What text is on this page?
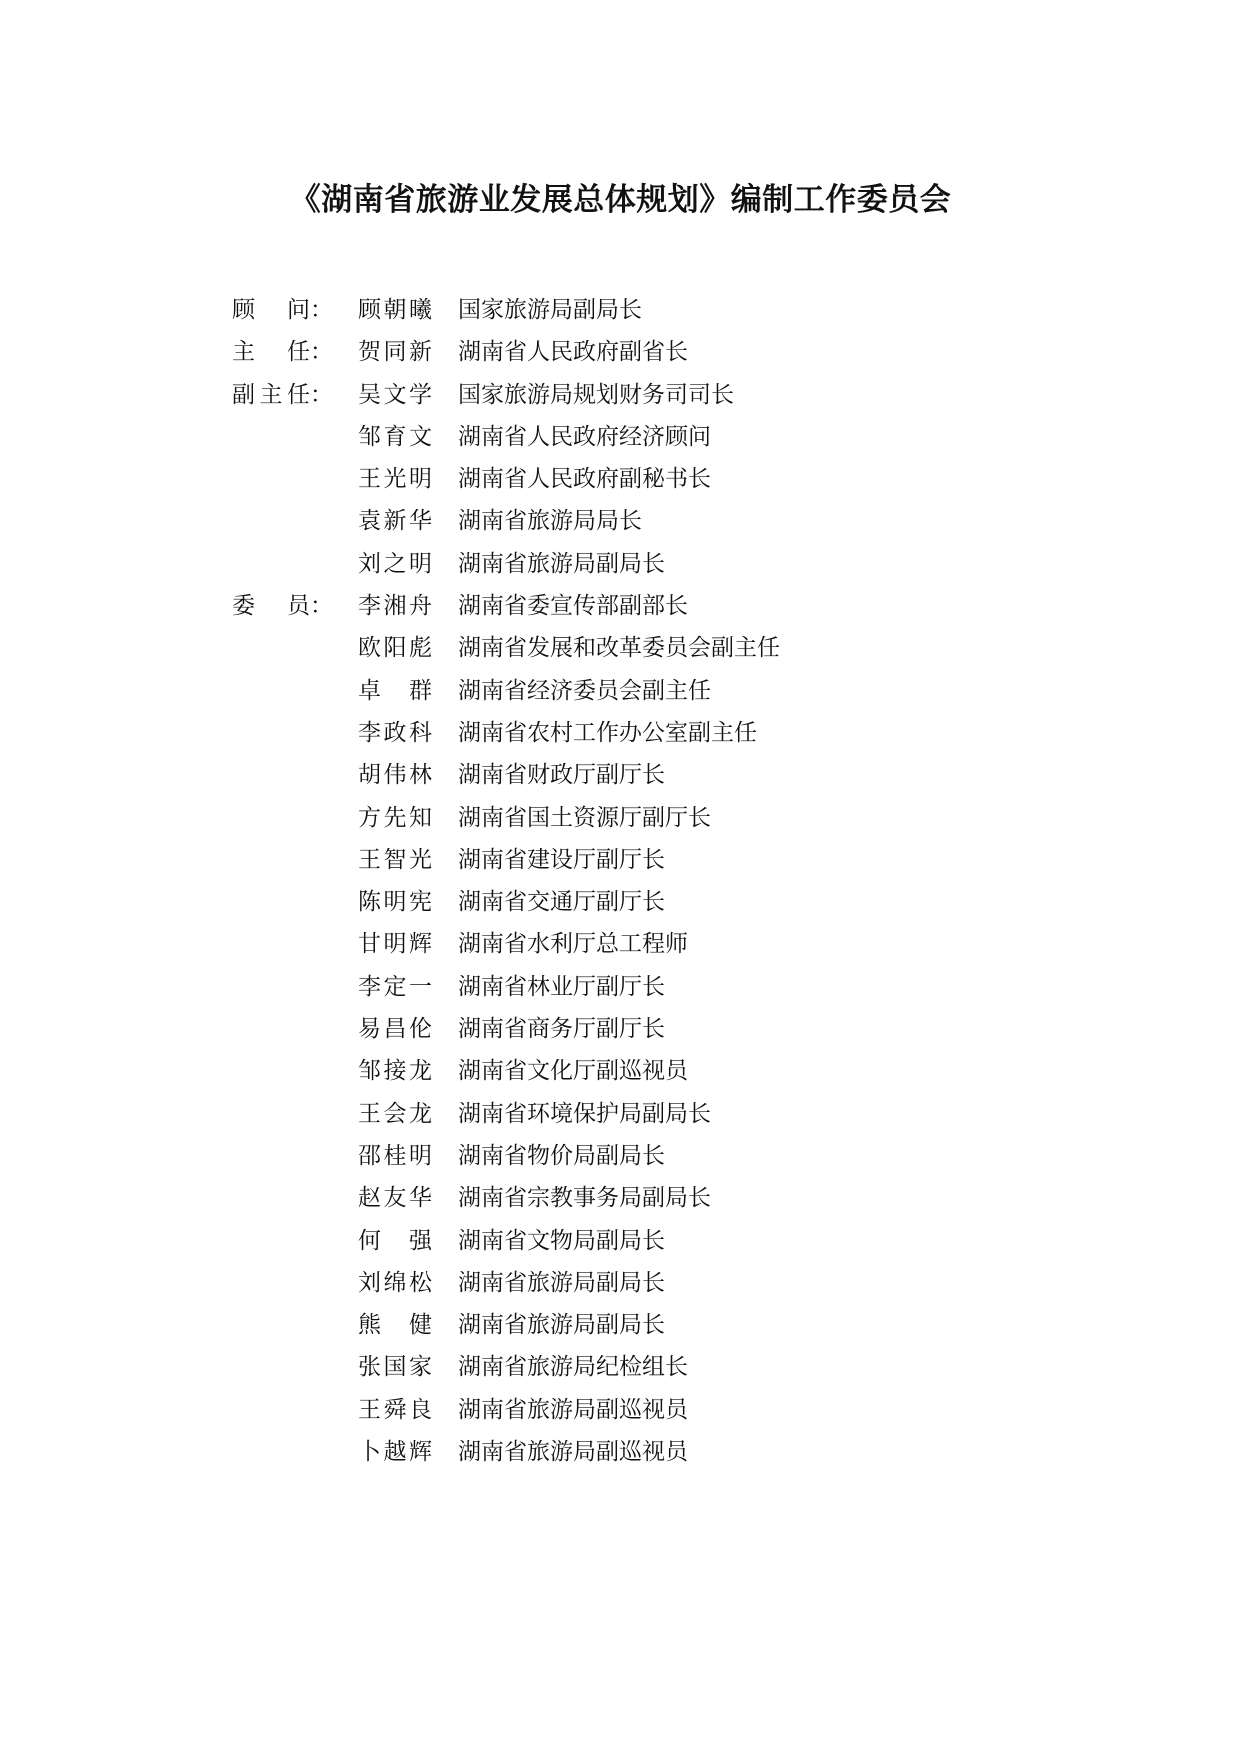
《湖南省旅游业发展总体规划》编制工作委员会
顾问： 顾朝曦 国家旅游局副局长
主任： 贺同新 湖南省人民政府副省长
副主任： 吴文学 国家旅游局规划财务司司长
邹育文 湖南省人民政府经济顾问
王光明 湖南省人民政府副秘书长
袁新华 湖南省旅游局局长
刘之明 湖南省旅游局副局长
委员： 李湘舟 湖南省委宣传部副部长
欧阳彪 湖南省发展和改革委员会副主任
卓群 湖南省经济委员会副主任
李政科 湖南省农村工作办公室副主任
胡伟林 湖南省财政厅副厅长
方先知 湖南省国土资源厅副厅长
王智光 湖南省建设厅副厅长
陈明宪 湖南省交通厅副厅长
甘明辉 湖南省水利厅总工程师
李定一 湖南省林业厅副厅长
易昌伦 湖南省商务厅副厅长
邹接龙 湖南省文化厅副巡视员
王会龙 湖南省环境保护局副局长
邵桂明 湖南省物价局副局长
赵友华 湖南省宗教事务局副局长
何强 湖南省文物局副局长
刘绵松 湖南省旅游局副局长
熊健 湖南省旅游局副局长
张国家 湖南省旅游局纪检组长
王舜良 湖南省旅游局副巡视员
卜越辉 湖南省旅游局副巡视员
